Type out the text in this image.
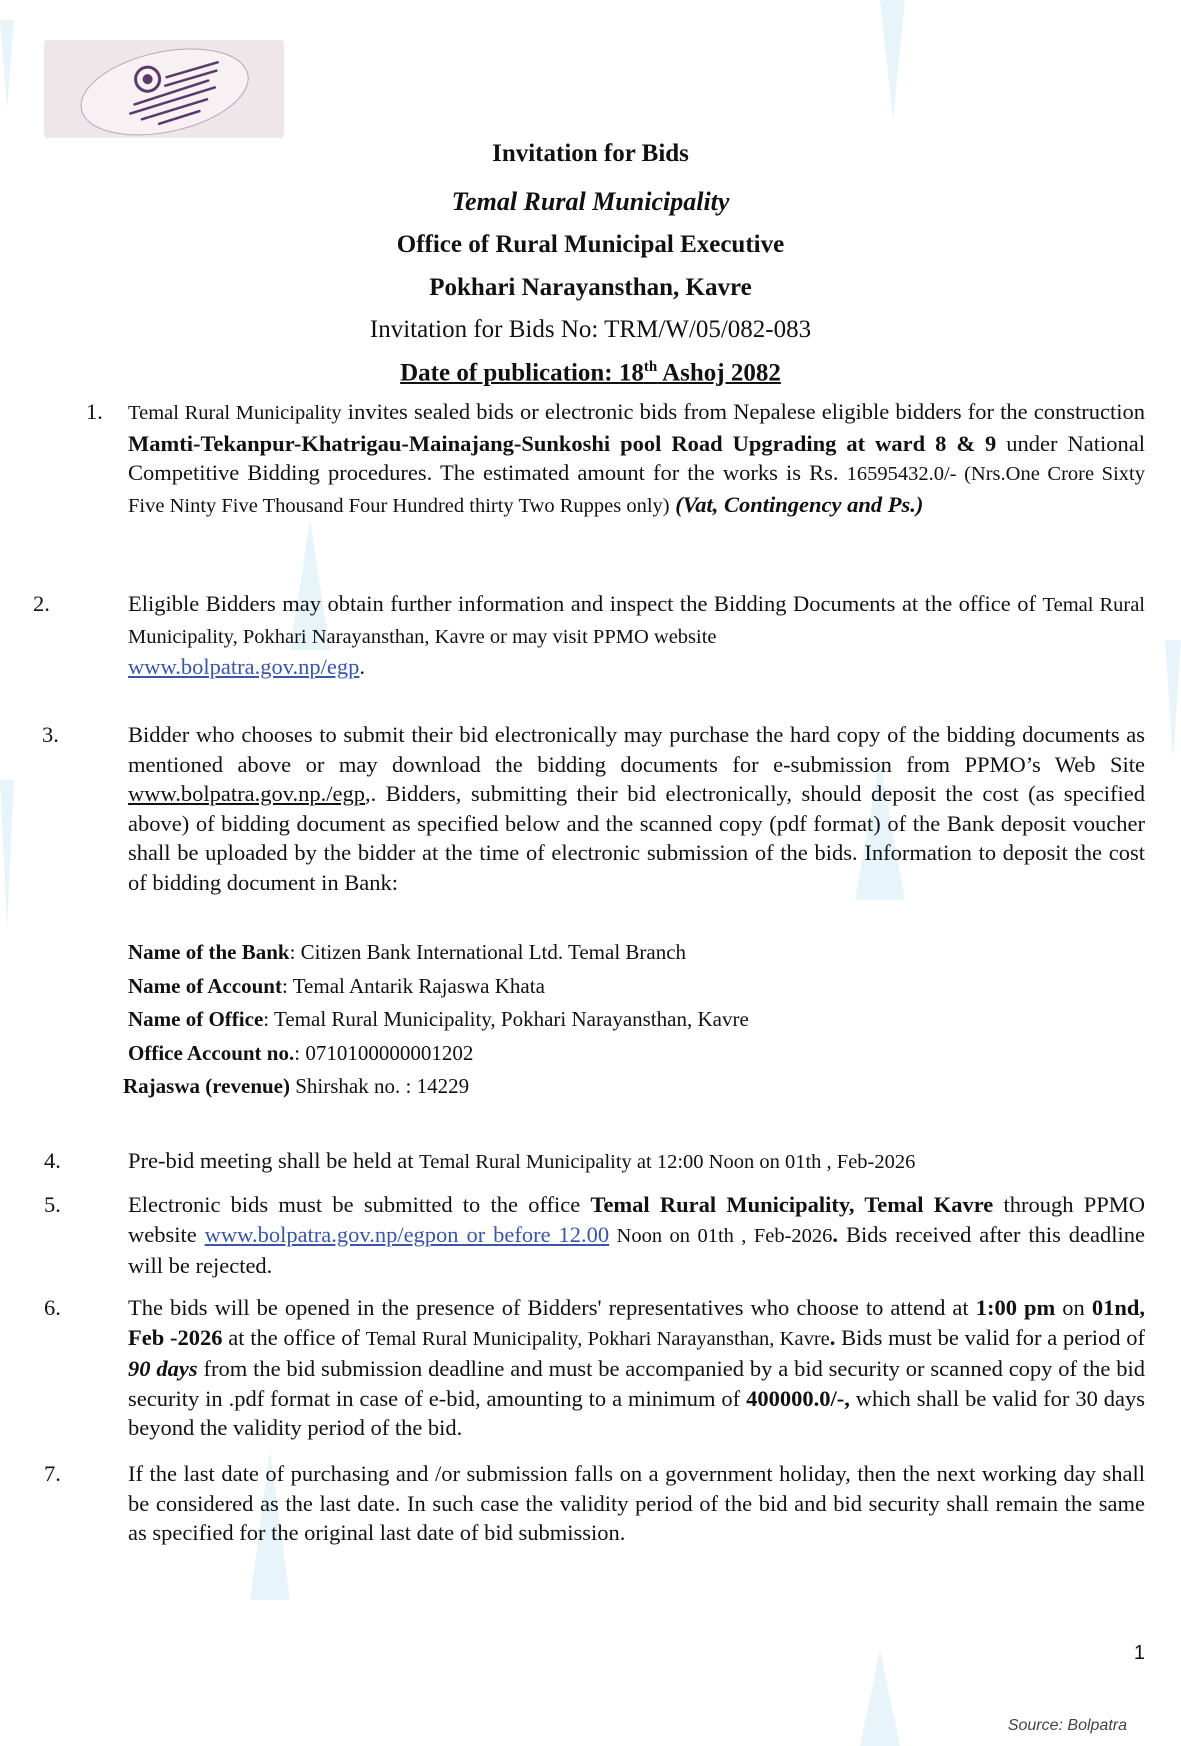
Invitation for Bids
Temal Rural Municipality
Office of Rural Municipal Executive
Pokhari Narayansthan, Kavre
Invitation for Bids No: TRM/W/05/082-083
Date of publication: 18th Ashoj 2082
1. Temal Rural Municipality invites sealed bids or electronic bids from Nepalese eligible bidders for the construction Mamti-Tekanpur-Khatrigau-Mainajang-Sunkoshi pool Road Upgrading at ward 8 & 9 under National Competitive Bidding procedures. The estimated amount for the works is Rs. 16595432.0/- (Nrs.One Crore Sixty Five Ninty Five Thousand Four Hundred thirty Two Ruppes only) (Vat, Contingency and Ps.)
2.	Eligible Bidders may obtain further information and inspect the Bidding Documents at the office of Temal Rural Municipality, Pokhari Narayansthan, Kavre or may visit PPMO website
www.bolpatra.gov.np/egp.
3.	Bidder who chooses to submit their bid electronically may purchase the hard copy of the bidding documents as mentioned above or may download the bidding documents for e-submission from PPMO’s Web Site www.bolpatra.gov.np./egp,. Bidders, submitting their bid electronically, should deposit the cost (as specified above) of bidding document as specified below and the scanned copy (pdf format) of the Bank deposit voucher shall be uploaded by the bidder at the time of electronic submission of the bids. Information to deposit the cost of bidding document in Bank:
Name of the Bank: Citizen Bank International Ltd. Temal Branch
Name of Account: Temal Antarik Rajaswa Khata
Name of Office: Temal Rural Municipality, Pokhari Narayansthan, Kavre
Office Account no.: 0710100000001202
Rajaswa (revenue) Shirshak no. : 14229
4.	Pre-bid meeting shall be held at Temal Rural Municipality at 12:00 Noon on 01th , Feb-2026
5.	Electronic bids must be submitted to the office Temal Rural Municipality, Temal Kavre through PPMO website www.bolpatra.gov.np/egpon or before 12.00 Noon on 01th , Feb-2026. Bids received after this deadline will be rejected.
6.	The bids will be opened in the presence of Bidders' representatives who choose to attend at 1:00 pm on 01nd, Feb -2026 at the office of Temal Rural Municipality, Pokhari Narayansthan, Kavre. Bids must be valid for a period of 90 days from the bid submission deadline and must be accompanied by a bid security or scanned copy of the bid security in .pdf format in case of e-bid, amounting to a minimum of 400000.0/-, which shall be valid for 30 days beyond the validity period of the bid.
7.	If the last date of purchasing and /or submission falls on a government holiday, then the next working day shall be considered as the last date. In such case the validity period of the bid and bid security shall remain the same as specified for the original last date of bid submission.
1
Source: Bolpatra
